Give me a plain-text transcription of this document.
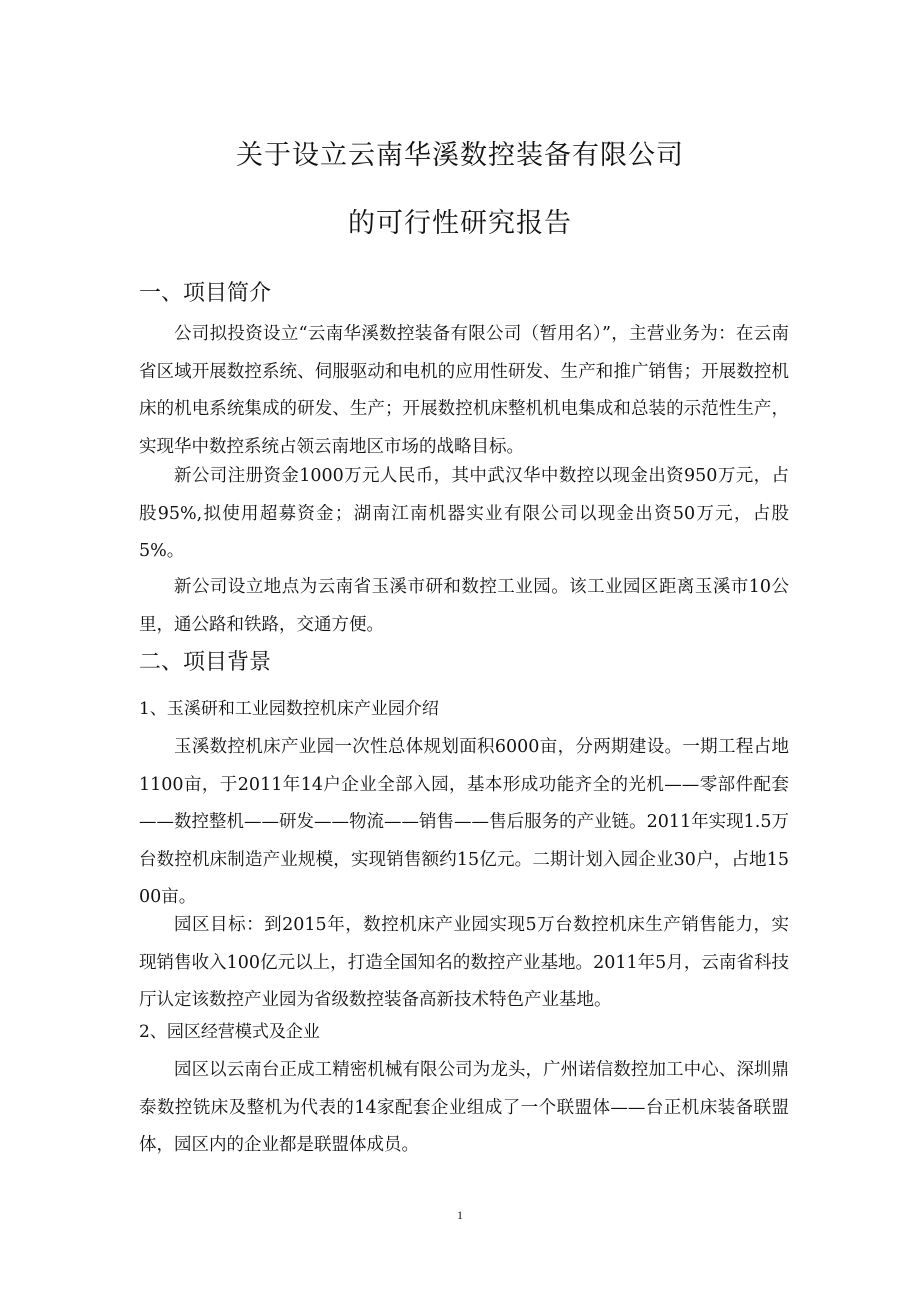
关于设立云南华溪数控装备有限公司
的可行性研究报告
一、项目简介

公司拟投资设立“云南华溪数控装备有限公司（暂用名）”，主营业务为：在云南省区域开展数控系统、伺服驱动和电机的应用性研发、生产和推广销售；开展数控机床的机电系统集成的研发、生产；开展数控机床整机机电集成和总装的示范性生产，实现华中数控系统占领云南地区市场的战略目标。

新公司注册资金1000万元人民币，其中武汉华中数控以现金出资950万元，占股95%,拟使用超募资金；湖南江南机器实业有限公司以现金出资50万元，占股5%。

新公司设立地点为云南省玉溪市研和数控工业园。该工业园区距离玉溪市10公里，通公路和铁路，交通方便。

二、项目背景
1、玉溪研和工业园数控机床产业园介绍

玉溪数控机床产业园一次性总体规划面积6000亩，分两期建设。一期工程占地1100亩，于2011年14户企业全部入园，基本形成功能齐全的光机——零部件配套——数控整机——研发——物流——销售——售后服务的产业链。2011年实现1.5万台数控机床制造产业规模，实现销售额约15亿元。二期计划入园企业30户，占地1500亩。

园区目标：到2015年，数控机床产业园实现5万台数控机床生产销售能力，实现销售收入100亿元以上，打造全国知名的数控产业基地。2011年5月，云南省科技厅认定该数控产业园为省级数控装备高新技术特色产业基地。

2、园区经营模式及企业

园区以云南台正成工精密机械有限公司为龙头，广州诺信数控加工中心、深圳鼎泰数控铣床及整机为代表的14家配套企业组成了一个联盟体——台正机床装备联盟体，园区内的企业都是联盟体成员。

1
